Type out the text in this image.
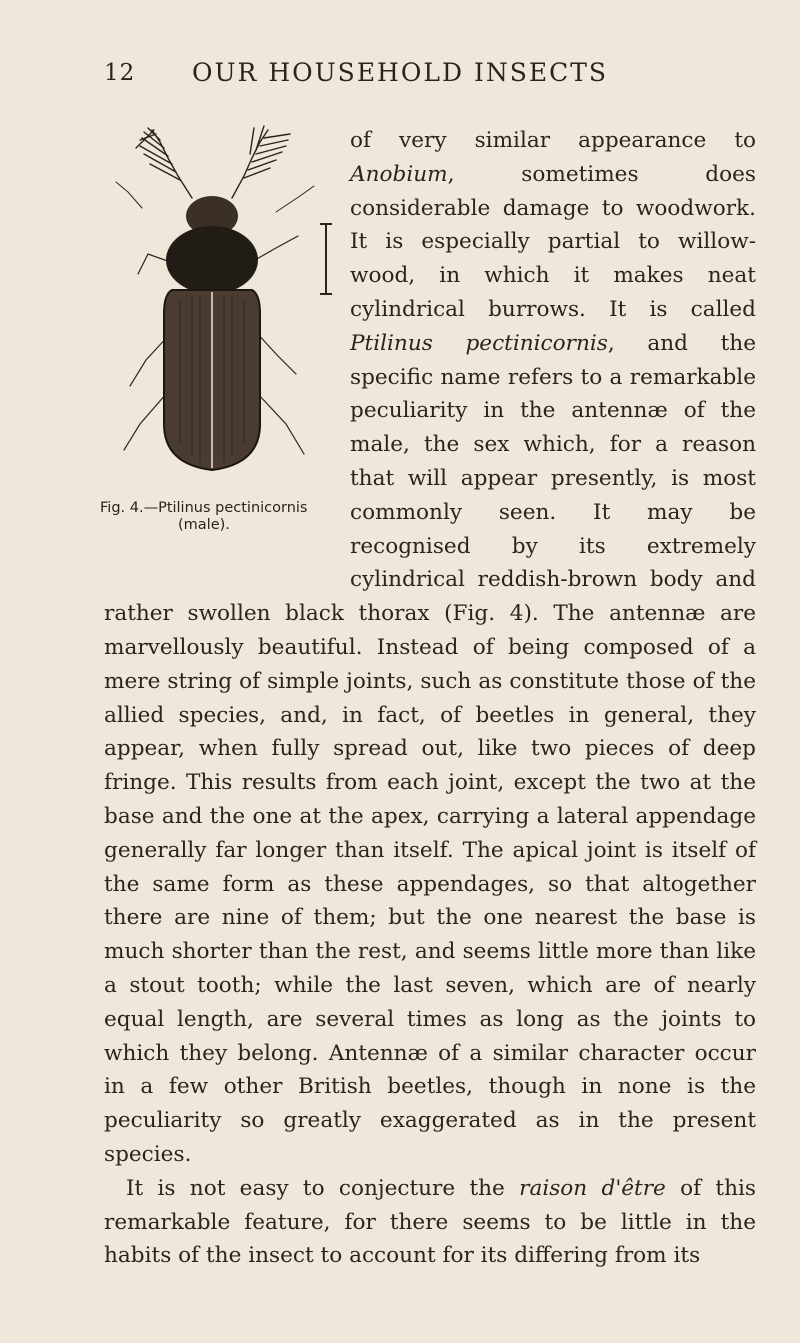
12	OUR HOUSEHOLD INSECTS
Fig. 4.—Ptilinus pectinicornis
(male).

of very similar appearance to Anobium, sometimes does considerable damage to woodwork. It is especially partial to willow-wood, in which it makes neat cylindrical burrows. It is called Ptilinus pectinicornis, and the specific name refers to a remarkable peculiarity in the antennæ of the male, the sex which, for a reason that will appear presently, is most commonly seen. It may be recognised by its extremely cylindrical reddish-brown body and rather swollen black thorax (Fig. 4). The antennæ are marvellously beautiful. Instead of being composed of a mere string of simple joints, such as constitute those of the allied species, and, in fact, of beetles in general, they appear, when fully spread out, like two pieces of deep fringe. This results from each joint, except the two at the base and the one at the apex, carrying a lateral appendage generally far longer than itself. The apical joint is itself of the same form as these appendages, so that altogether there are nine of them; but the one nearest the base is much shorter than the rest, and seems little more than like a stout tooth; while the last seven, which are of nearly equal length, are several times as long as the joints to which they belong. Antennæ of a similar character occur in a few other British beetles, though in none is the peculiarity so greatly exaggerated as in the present species.

It is not easy to conjecture the raison d'être of this remarkable feature, for there seems to be little in the habits of the insect to account for its differing from its
